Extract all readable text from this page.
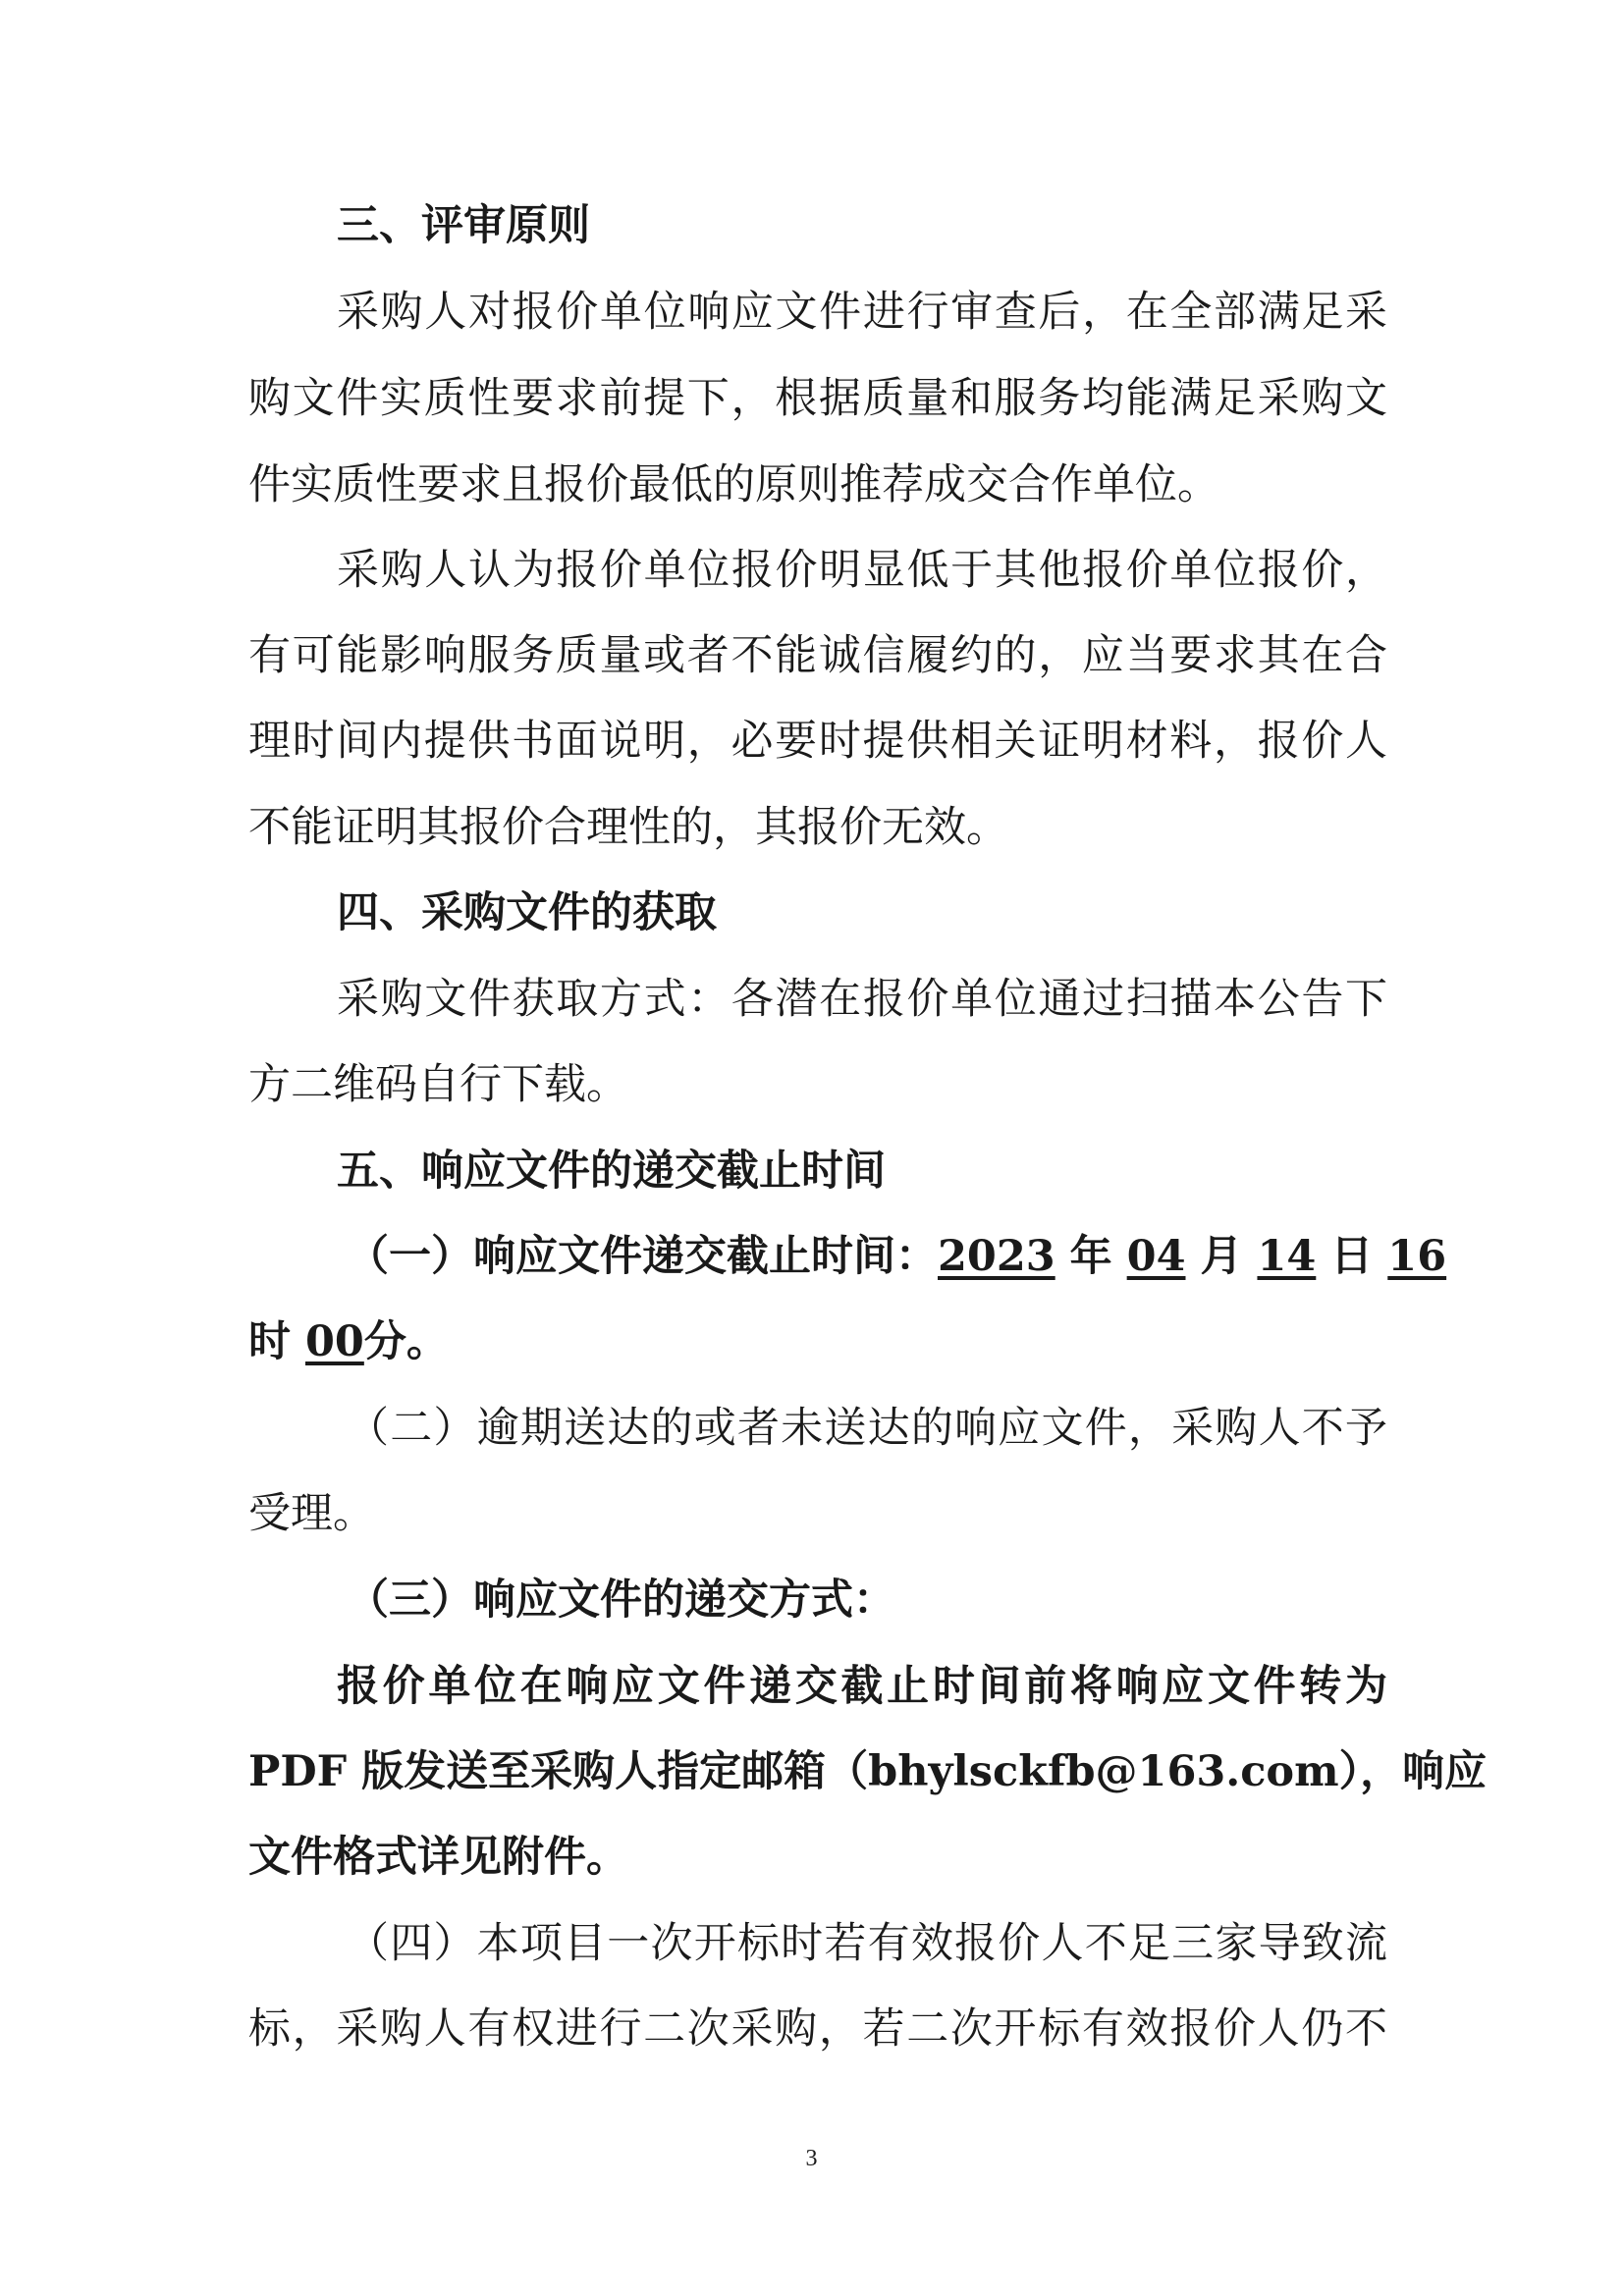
三、评审原则
采购人对报价单位响应文件进行审查后，在全部满足采
购文件实质性要求前提下，根据质量和服务均能满足采购文
件实质性要求且报价最低的原则推荐成交合作单位。
采购人认为报价单位报价明显低于其他报价单位报价，
有可能影响服务质量或者不能诚信履约的，应当要求其在合
理时间内提供书面说明，必要时提供相关证明材料，报价人
不能证明其报价合理性的，其报价无效。
四、采购文件的获取
采购文件获取方式：各潜在报价单位通过扫描本公告下
方二维码自行下载。
五、响应文件的递交截止时间
（一）响应文件递交截止时间：2023 年 04 月 14 日 16
时 00分。
（二）逾期送达的或者未送达的响应文件，采购人不予
受理。
（三）响应文件的递交方式：
报价单位在响应文件递交截止时间前将响应文件转为
PDF 版发送至采购人指定邮箱（bhylsckfb@163.com），响应
文件格式详见附件。
（四）本项目一次开标时若有效报价人不足三家导致流
标，采购人有权进行二次采购，若二次开标有效报价人仍不
3
